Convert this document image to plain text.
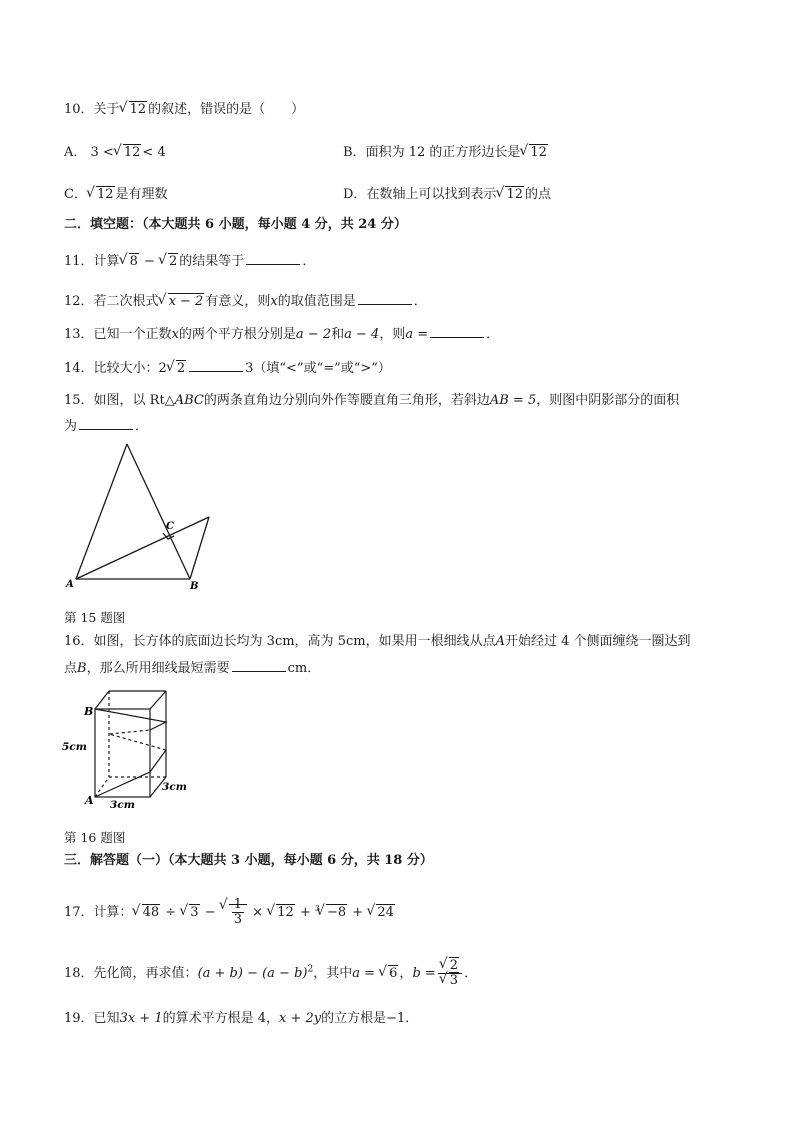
10．关于 √ 12 的叙述，错误的是（　　）
A． 3 < √ 12 < 4	B．面积为 12 的正方形边长是 √ 12
C． √ 12 是有理数	D．在数轴上可以找到表示 √ 12 的点
二．填空题：（本大题共 6 小题，每小题 4 分，共 24 分）
11．计算 √ 8 − √ 2 的结果等于	．
12．若二次根式 √ x − 2 有意义，则x的取值范围是	．
13．已知一个正数x的两个平方根分别是a − 2和a − 4，则a =	．
14．比较大小：2 √ 2	3（填“<”或“=”或“>”）
15．如图，以 Rt△ABC的两条直角边分别向外作等腰直角三角形，若斜边AB = 5，则图中阴影部分的面积
为	．
A	B
C
第 15 题图
16．如图，长方体的底面边长均为 3cm，高为 5cm，如果用一根细线从点A开始经过 4 个侧面缠绕一圈达到
点B，那么所用细线最短需要	cm．
B
A
5cm
3cm
3cm
第 16 题图
三．解答题（一）（本大题共 3 小题，每小题 6 分，共 18 分）
17．计算： √ 48 ÷ √ 3 − √ $\frac{1}{3}$ × √ 12 + $^3$ √ −8 + √ 24
18．先化简，再求值：$(a + b) - (a - b)^2$，其中a = √ 6 ，b = √ 2
√ 3 ．
19．已知3x + 1的算术平方根是 4，x + 2y的立方根是−1．
